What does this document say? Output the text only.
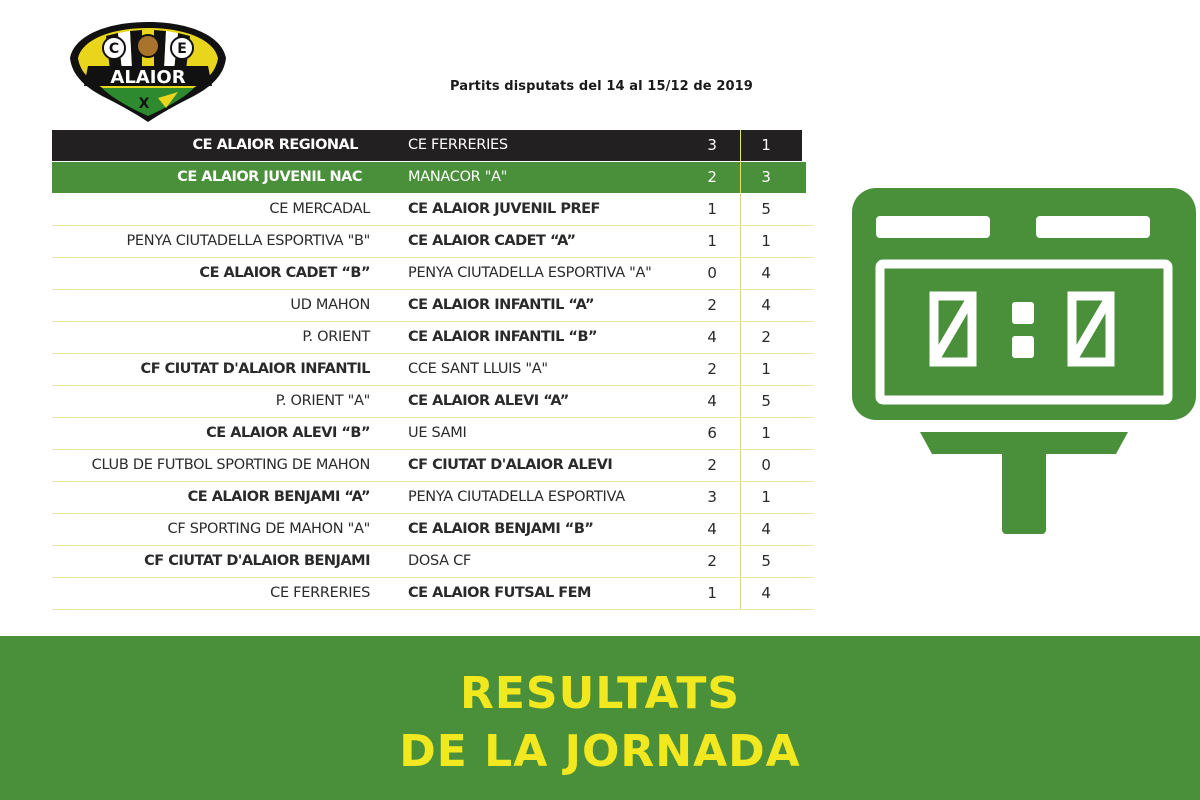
C	E
ALAIOR
X
Partits disputats del 14 al 15/12 de 2019
CE ALAIOR REGIONAL	CE FERRERIES	3	1
CE ALAIOR JUVENIL NAC	MANACOR "A"	2	3
CE MERCADAL	CE ALAIOR JUVENIL PREF	1	5
PENYA CIUTADELLA ESPORTIVA "B"	CE ALAIOR CADET “A”	1	1
CE ALAIOR CADET “B”	PENYA CIUTADELLA ESPORTIVA "A"	0	4
UD MAHON	CE ALAIOR INFANTIL “A”	2	4
P. ORIENT	CE ALAIOR INFANTIL “B”	4	2
CF CIUTAT D'ALAIOR INFANTIL	CCE SANT LLUIS "A"	2	1
P. ORIENT "A"	CE ALAIOR ALEVI “A”	4	5
CE ALAIOR ALEVI “B”	UE SAMI	6	1
CLUB DE FUTBOL SPORTING DE MAHON	CF CIUTAT D'ALAIOR ALEVI	2	0
CE ALAIOR BENJAMI “A”	PENYA CIUTADELLA ESPORTIVA	3	1
CF SPORTING DE MAHON "A"	CE ALAIOR BENJAMI “B”	4	4
CF CIUTAT D'ALAIOR BENJAMI	DOSA CF	2	5
CE FERRERIES	CE ALAIOR FUTSAL FEM	1	4
RESULTATS
DE LA JORNADA
